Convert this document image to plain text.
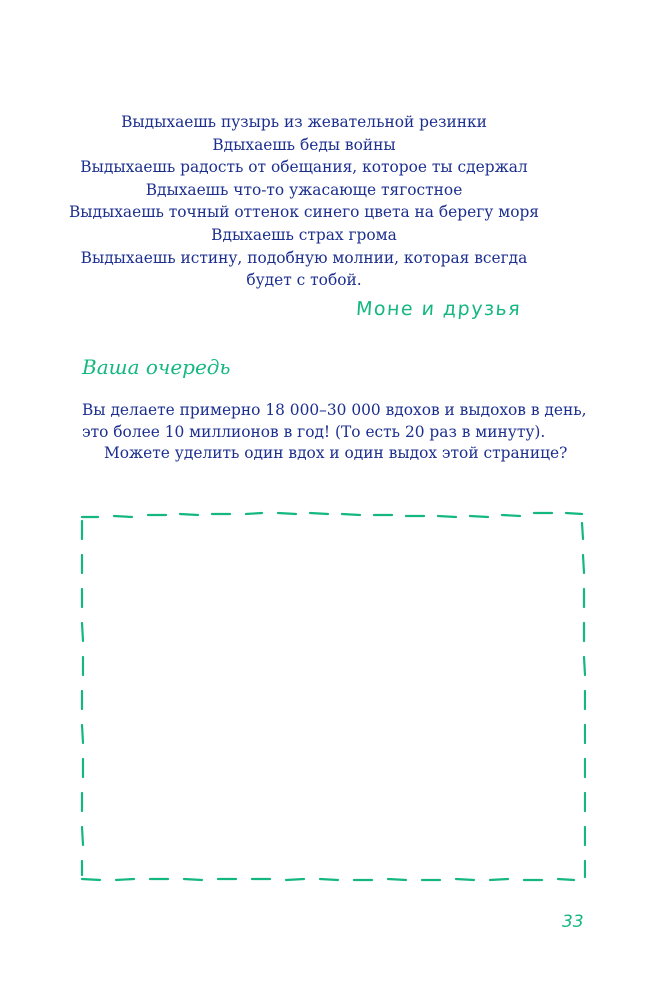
Выдыхаешь пузырь из жевательной резинки
Вдыхаешь беды войны
Выдыхаешь радость от обещания, которое ты сдержал
Вдыхаешь что-то ужасающе тягостное
Выдыхаешь точный оттенок синего цвета на берегу моря
Вдыхаешь страх грома
Выдыхаешь истину, подобную молнии, которая всегда
будет с тобой.
Моне и друзья
Ваша очередь
Вы делаете примерно 18 000–30 000 вдохов и выдохов в день,
это более 10 миллионов в год! (То есть 20 раз в минуту).
Можете уделить один вдох и один выдох этой странице?
33
